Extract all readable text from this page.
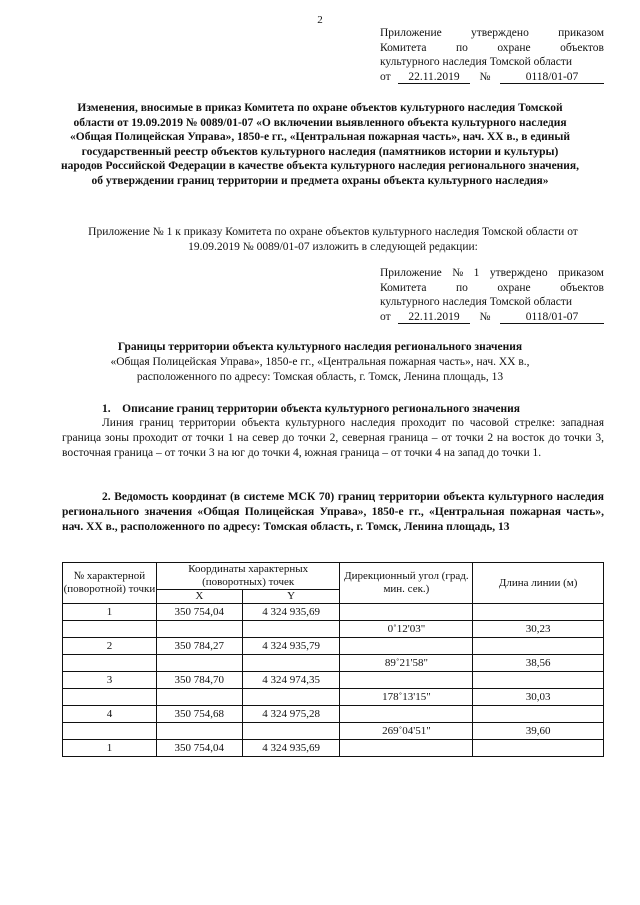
2
Приложение	утверждено	приказом
Комитета	по	охране	объектов
культурного наследия Томской области
от	22.11.2019	№	0118/01-07
Изменения, вносимые в приказ Комитета по охране объектов культурного наследия Томской области от 19.09.2019 № 0089/01-07 «О включении выявленного объекта культурного наследия «Общая Полицейская Управа», 1850-е гг., «Центральная пожарная часть», нач. XX в., в единый государственный реестр объектов культурного наследия (памятников истории и культуры) народов Российской Федерации в качестве объекта культурного наследия регионального значения, об утверждении границ территории и предмета охраны объекта культурного наследия»
Приложение № 1 к приказу Комитета по охране объектов культурного наследия Томской области от 19.09.2019 № 0089/01-07 изложить в следующей редакции:
Приложение № 1 утверждено приказом
Комитета	по	охране	объектов
культурного наследия Томской области
от	22.11.2019	№	0118/01-07
Границы территории объекта культурного наследия регионального значения
«Общая Полицейская Управа», 1850-е гг., «Центральная пожарная часть», нач. XX в.,
расположенного по адресу: Томская область, г. Томск, Ленина площадь, 13
1.    Описание границ территории объекта культурного регионального значения
Линия границ территории объекта культурного наследия проходит по часовой стрелке: западная граница зоны проходит от точки 1 на север до точки 2, северная граница – от точки 2 на восток до точки 3, восточная граница – от точки 3 на юг до точки 4, южная граница – от точки 4 на запад до точки 1.
2. Ведомость координат (в системе МСК 70) границ территории объекта культурного наследия регионального значения «Общая Полицейская Управа», 1850-е гг., «Центральная пожарная часть», нач. XX в., расположенного по адресу: Томская область, г. Томск, Ленина площадь, 13
№ характерной (поворотной) точки	Координаты характерных (поворотных) точек		Дирекционный угол (град. мин. сек.)	Длина линии (м)
	X	Y		
1	350 754,04	4 324 935,69		
			0˚12'03"	30,23
2	350 784,27	4 324 935,79		
			89˚21'58"	38,56
3	350 784,70	4 324 974,35		
			178˚13'15"	30,03
4	350 754,68	4 324 975,28		
			269˚04'51"	39,60
1	350 754,04	4 324 935,69		
